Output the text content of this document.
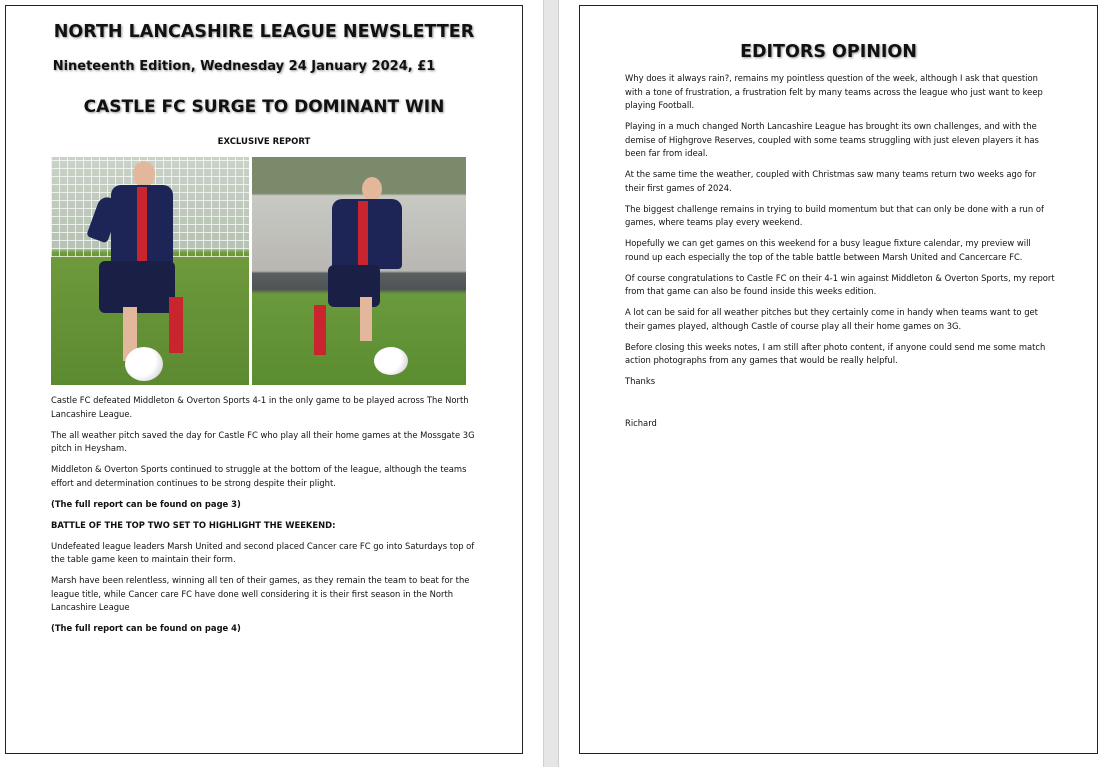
NORTH LANCASHIRE LEAGUE NEWSLETTER
Nineteenth Edition, Wednesday 24 January 2024, £1
CASTLE FC SURGE TO DOMINANT WIN
EXCLUSIVE REPORT

Castle FC defeated Middleton & Overton Sports 4-1 in the only game to be played across The North Lancashire League.

The all weather pitch saved the day for Castle FC who play all their home games at the Mossgate 3G pitch in Heysham.

Middleton & Overton Sports continued to struggle at the bottom of the league, although the teams effort and determination continues to be strong despite their plight.

(The full report can be found on page 3)

BATTLE OF THE TOP TWO SET TO HIGHLIGHT THE WEEKEND:

Undefeated league leaders Marsh United and second placed Cancer care FC go into Saturdays top of the table game keen to maintain their form.

Marsh have been relentless, winning all ten of their games, as they remain the team to beat for the league title, while Cancer care FC have done well considering it is their first season in the North Lancashire League

(The full report can be found on page 4)

EDITORS OPINION

Why does it always rain?, remains my pointless question of the week, although I ask that question with a tone of frustration, a frustration felt by many teams across the league who just want to keep playing Football.

Playing in a much changed North Lancashire League has brought its own challenges, and with the demise of Highgrove Reserves, coupled with some teams struggling with just eleven players it has been far from ideal.

At the same time the weather, coupled with Christmas saw many teams return two weeks ago for their first games of 2024.

The biggest challenge remains in trying to build momentum but that can only be done with a run of games, where teams play every weekend.

Hopefully we can get games on this weekend for a busy league fixture calendar, my preview will round up each especially the top of the table battle between Marsh United and Cancercare FC.

Of course congratulations to Castle FC on their 4-1 win against Middleton & Overton Sports, my report from that game can also be found inside this weeks edition.

A lot can be said for all weather pitches but they certainly come in handy when teams want to get their games played, although Castle of course play all their home games on 3G.

Before closing this weeks notes, I am still after photo content, if anyone could send me some match action photographs from any games that would be really helpful.

Thanks

Richard
